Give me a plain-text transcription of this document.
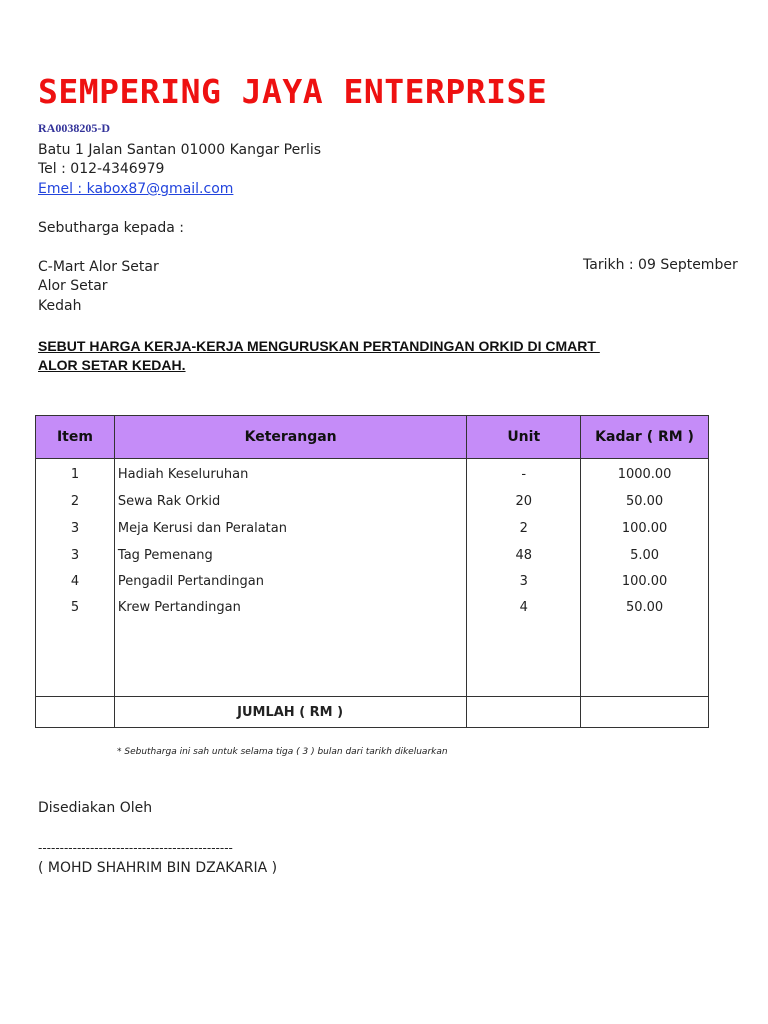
SEMPERING JAYA ENTERPRISE
RA0038205-D
Batu 1 Jalan Santan 01000 Kangar Perlis
Tel : 012-4346979
Emel : kabox87@gmail.com
Sebutharga kepada :
C-Mart Alor Setar
Alor Setar
Kedah
Tarikh : 09 September
SEBUT HARGA KERJA-KERJA MENGURUSKAN PERTANDINGAN ORKID DI CMART
ALOR SETAR KEDAH.
Item	Keterangan	Unit	Kadar ( RM )
1	Hadiah Keseluruhan	-	1000.00
2	Sewa Rak Orkid	20	50.00
3	Meja Kerusi dan Peralatan	2	100.00
3	Tag Pemenang	48	5.00
4	Pengadil Pertandingan	3	100.00
5	Krew Pertandingan	4	50.00

	JUMLAH ( RM )		
* Sebutharga ini sah untuk selama tiga ( 3 ) bulan dari tarikh dikeluarkan
Disediakan Oleh
---------------------------------------------
( MOHD SHAHRIM BIN DZAKARIA )
